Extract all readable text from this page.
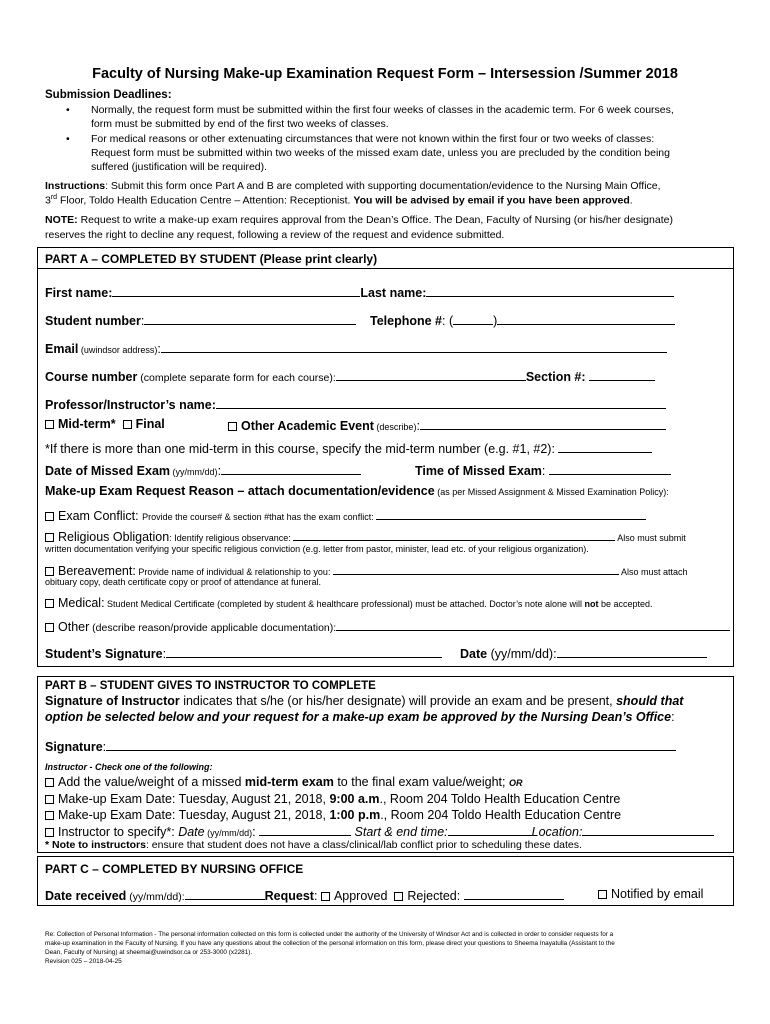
Faculty of Nursing Make-up Examination Request Form – Intersession /Summer 2018
Submission Deadlines:
• Normally, the request form must be submitted within the first four weeks of classes in the academic term. For 6 week courses,
form must be submitted by end of the first two weeks of classes.
• For medical reasons or other extenuating circumstances that were not known within the first four or two weeks of classes:
Request form must be submitted within two weeks of the missed exam date, unless you are precluded by the condition being
suffered (justification will be required).
Instructions: Submit this form once Part A and B are completed with supporting documentation/evidence to the Nursing Main Office,
3rd Floor, Toldo Health Education Centre – Attention: Receptionist. You will be advised by email if you have been approved.
NOTE: Request to write a make-up exam requires approval from the Dean’s Office. The Dean, Faculty of Nursing (or his/her designate)
reserves the right to decline any request, following a review of the request and evidence submitted.
PART A – COMPLETED BY STUDENT (Please print clearly)
First name:	Last name:
Student number:	Telephone #: (	)
Email (uwindsor address):
Course number (complete separate form for each course):	Section #:
Professor/Instructor’s name:
Mid-term* Final	Other Academic Event (describe):
*If there is more than one mid-term in this course, specify the mid-term number (e.g. #1, #2):
Date of Missed Exam (yy/mm/dd):	Time of Missed Exam:
Make-up Exam Request Reason – attach documentation/evidence (as per Missed Assignment & Missed Examination Policy):
Exam Conflict: Provide the course# & section #that has the exam conflict:
Religious Obligation: Identify religious observance:	Also must submit
written documentation verifying your specific religious conviction (e.g. letter from pastor, minister, lead etc. of your religious organization).
Bereavement: Provide name of individual & relationship to you:	Also must attach
obituary copy, death certificate copy or proof of attendance at funeral.
Medical: Student Medical Certificate (completed by student & healthcare professional) must be attached. Doctor’s note alone will not be accepted.
Other (describe reason/provide applicable documentation):
Student’s Signature:	Date (yy/mm/dd):
PART B – STUDENT GIVES TO INSTRUCTOR TO COMPLETE
Signature of Instructor indicates that s/he (or his/her designate) will provide an exam and be present, should that
option be selected below and your request for a make-up exam be approved by the Nursing Dean’s Office:
Signature:
Instructor - Check one of the following:
Add the value/weight of a missed mid-term exam to the final exam value/weight; OR
Make-up Exam Date: Tuesday, August 21, 2018, 9:00 a.m., Room 204 Toldo Health Education Centre
Make-up Exam Date: Tuesday, August 21, 2018, 1:00 p.m., Room 204 Toldo Health Education Centre
Instructor to specify*: Date (yy/mm/dd):	Start & end time:	Location:
* Note to instructors: ensure that student does not have a class/clinical/lab conflict prior to scheduling these dates.
PART C – COMPLETED BY NURSING OFFICE
Date received (yy/mm/dd):	Request: Approved Rejected:	Notified by email
Re: Collection of Personal Information - The personal information collected on this form is collected under the authority of the University of Windsor Act and is collected in order to consider requests for a
make-up examination in the Faculty of Nursing. If you have any questions about the collection of the personal information on this form, please direct your questions to Sheema Inayatulla (Assistant to the
Dean, Faculty of Nursing) at sheemai@uwindsor.ca or 253-3000 (x2281).
Revision 025 – 2018-04-25
